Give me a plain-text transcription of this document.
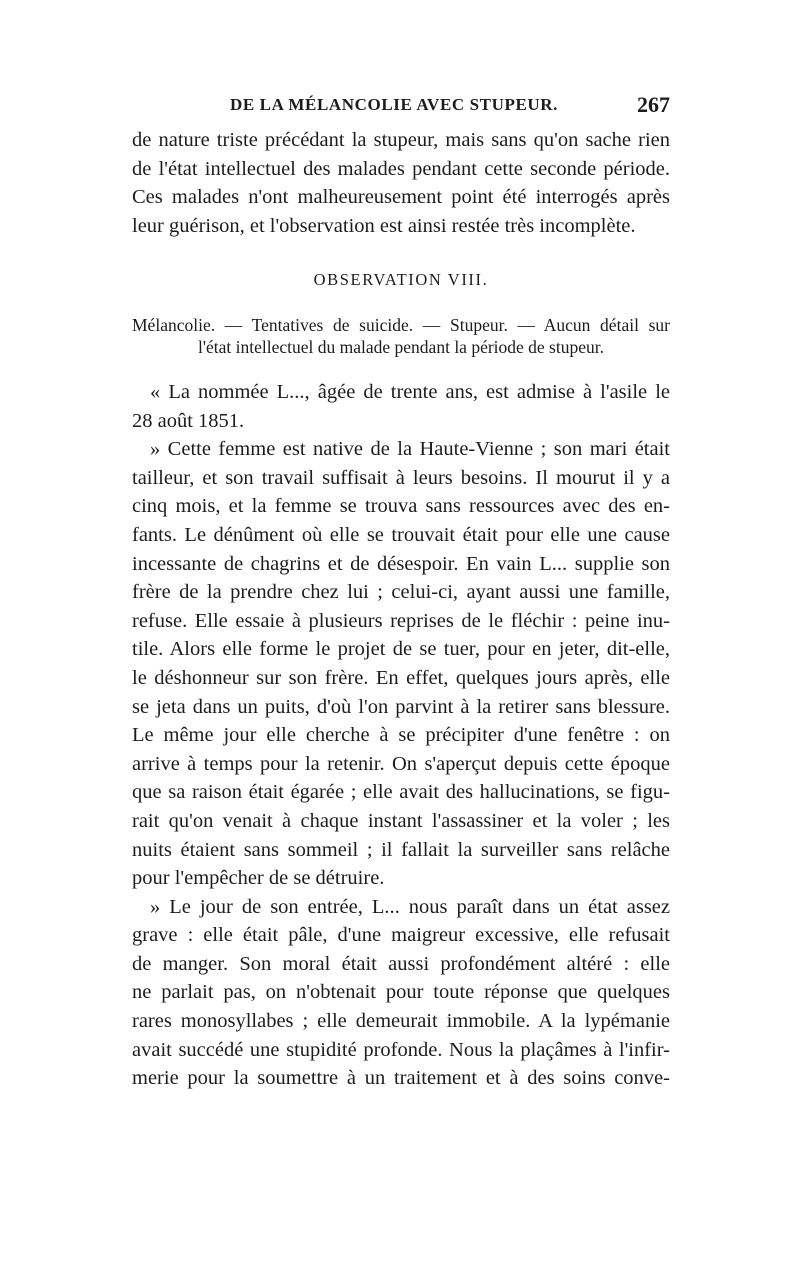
DE LA MÉLANCOLIE AVEC STUPEUR.	267
de nature triste précédant la stupeur, mais sans qu'on sache rien
de l'état intellectuel des malades pendant cette seconde période.
Ces malades n'ont malheureusement point été interrogés après
leur guérison, et l'observation est ainsi restée très incomplète.
OBSERVATION VIII.
Mélancolie. — Tentatives de suicide. — Stupeur. — Aucun détail sur
l'état intellectuel du malade pendant la période de stupeur.
« La nommée L..., âgée de trente ans, est admise à l'asile le
28 août 1851.
» Cette femme est native de la Haute-Vienne ; son mari était
tailleur, et son travail suffisait à leurs besoins. Il mourut il y a
cinq mois, et la femme se trouva sans ressources avec des en-
fants. Le dénûment où elle se trouvait était pour elle une cause
incessante de chagrins et de désespoir. En vain L... supplie son
frère de la prendre chez lui ; celui-ci, ayant aussi une famille,
refuse. Elle essaie à plusieurs reprises de le fléchir : peine inu-
tile. Alors elle forme le projet de se tuer, pour en jeter, dit-elle,
le déshonneur sur son frère. En effet, quelques jours après, elle
se jeta dans un puits, d'où l'on parvint à la retirer sans blessure.
Le même jour elle cherche à se précipiter d'une fenêtre : on
arrive à temps pour la retenir. On s'aperçut depuis cette époque
que sa raison était égarée ; elle avait des hallucinations, se figu-
rait qu'on venait à chaque instant l'assassiner et la voler ; les
nuits étaient sans sommeil ; il fallait la surveiller sans relâche
pour l'empêcher de se détruire.
» Le jour de son entrée, L... nous paraît dans un état assez
grave : elle était pâle, d'une maigreur excessive, elle refusait
de manger. Son moral était aussi profondément altéré : elle
ne parlait pas, on n'obtenait pour toute réponse que quelques
rares monosyllabes ; elle demeurait immobile. A la lypémanie
avait succédé une stupidité profonde. Nous la plaçâmes à l'infir-
merie pour la soumettre à un traitement et à des soins conve-
